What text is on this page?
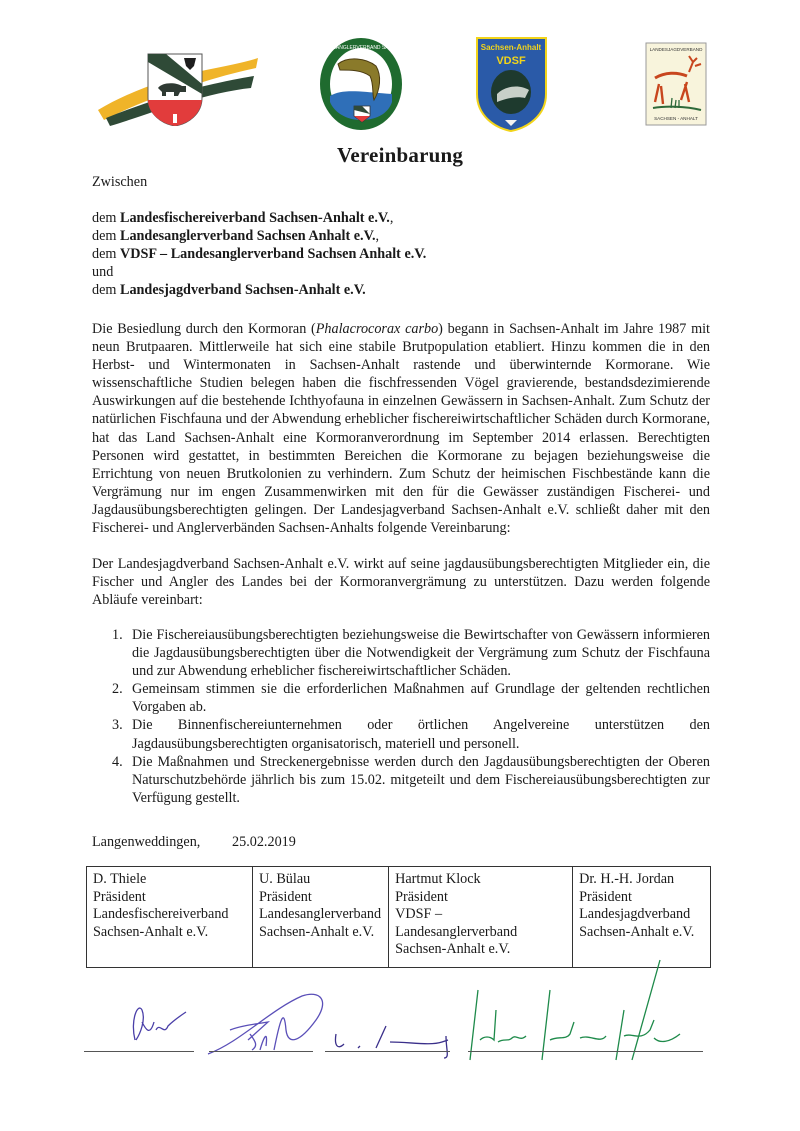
LANDESANGLERVERBAND SACHSEN	Sachsen-Anhalt
VDSF
LANDESJAGDVERBAND
SACHSEN - ANHALT
Vereinbarung
Zwischen
dem Landesfischereiverband Sachsen-Anhalt e.V.,
dem Landesanglerverband Sachsen Anhalt e.V.,
dem VDSF – Landesanglerverband Sachsen Anhalt e.V.
und
dem Landesjagdverband Sachsen-Anhalt e.V.
Die Besiedlung durch den Kormoran (Phalacrocorax carbo) begann in Sachsen-Anhalt im Jahre 1987 mit neun Brutpaaren. Mittlerweile hat sich eine stabile Brutpopulation etabliert. Hinzu kommen die in den Herbst- und Wintermonaten in Sachsen-Anhalt rastende und überwinternde Kormorane. Wie wissenschaftliche Studien belegen haben die fischfressenden Vögel gravierende, bestandsdezimierende Auswirkungen auf die bestehende Ichthyofauna in einzelnen Gewässern in Sachsen-Anhalt. Zum Schutz der natürlichen Fischfauna und der Abwendung erheblicher fischereiwirtschaftlicher Schäden durch Kormorane, hat das Land Sachsen-Anhalt eine Kormoranverordnung im September 2014 erlassen. Berechtigten Personen wird gestattet, in bestimmten Bereichen die Kormorane zu bejagen beziehungsweise die Errichtung von neuen Brutkolonien zu verhindern. Zum Schutz der heimischen Fischbestände kann die Vergrämung nur im engen Zusammenwirken mit den für die Gewässer zuständigen Fischerei- und Jagdausübungsberechtigten gelingen. Der Landesjagverband Sachsen-Anhalt e.V. schließt daher mit den Fischerei- und Anglerverbänden Sachsen-Anhalts folgende Vereinbarung:
Der Landesjagdverband Sachsen-Anhalt e.V. wirkt auf seine jagdausübungsberechtigten Mitglieder ein, die Fischer und Angler des Landes bei der Kormoranvergrämung zu unterstützen. Dazu werden folgende Abläufe vereinbart:
1. Die Fischereiausübungsberechtigten beziehungsweise die Bewirtschafter von Gewässern informieren die Jagdausübungsberechtigten über die Notwendigkeit der Vergrämung zum Schutz der Fischfauna und zur Abwendung erheblicher fischereiwirtschaftlicher Schäden.
2. Gemeinsam stimmen sie die erforderlichen Maßnahmen auf Grundlage der geltenden rechtlichen Vorgaben ab.
3. Die Binnenfischereiunternehmen oder örtlichen Angelvereine unterstützen den Jagdausübungsberechtigten organisatorisch, materiell und personell.
4. Die Maßnahmen und Streckenergebnisse werden durch den Jagdausübungsberechtigten der Oberen Naturschutzbehörde jährlich bis zum 15.02. mitgeteilt und dem Fischereiausübungsberechtigten zur Verfügung gestellt.
Langenweddingen, 25.02.2019
D. Thiele
Präsident
Landesfischereiverband
Sachsen-Anhalt e.V.

U. Bülau
Präsident
Landesanglerverband
Sachsen-Anhalt e.V.

Hartmut Klock
Präsident
VDSF –
Landesanglerverband
Sachsen-Anhalt e.V.

Dr. H.-H. Jordan
Präsident
Landesjagdverband
Sachsen-Anhalt e.V.
